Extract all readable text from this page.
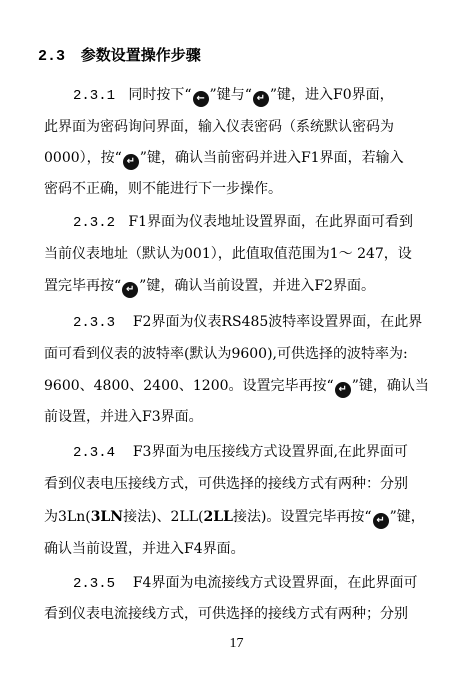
2.3 参数设置操作步骤
2.3.1 同时按下“ ← ”键与“ ↵ ”键，进入F0界面，
此界面为密码询问界面，输入仪表密码（系统默认密码为
0000），按“ ↵ ”键，确认当前密码并进入F1界面，若输入
密码不正确，则不能进行下一步操作。
2.3.2 F1界面为仪表地址设置界面，在此界面可看到
当前仪表地址（默认为001），此值取值范围为1～ 247，设
置完毕再按“ ↵ ”键，确认当前设置，并进入F2界面。
2.3.3 F2界面为仪表RS485波特率设置界面，在此界
面可看到仪表的波特率(默认为9600),可供选择的波特率为:
9600、4800、2400、1200。设置完毕再按“ ↵ ”键，确认当
前设置，并进入F3界面。
2.3.4 F3界面为电压接线方式设置界面,在此界面可
看到仪表电压接线方式，可供选择的接线方式有两种：分别
为3Ln(3LN接法)、2LL(2LL接法)。设置完毕再按“ ↵ ”键，
确认当前设置，并进入F4界面。
2.3.5 F4界面为电流接线方式设置界面，在此界面可
看到仪表电流接线方式，可供选择的接线方式有两种；分别
17
